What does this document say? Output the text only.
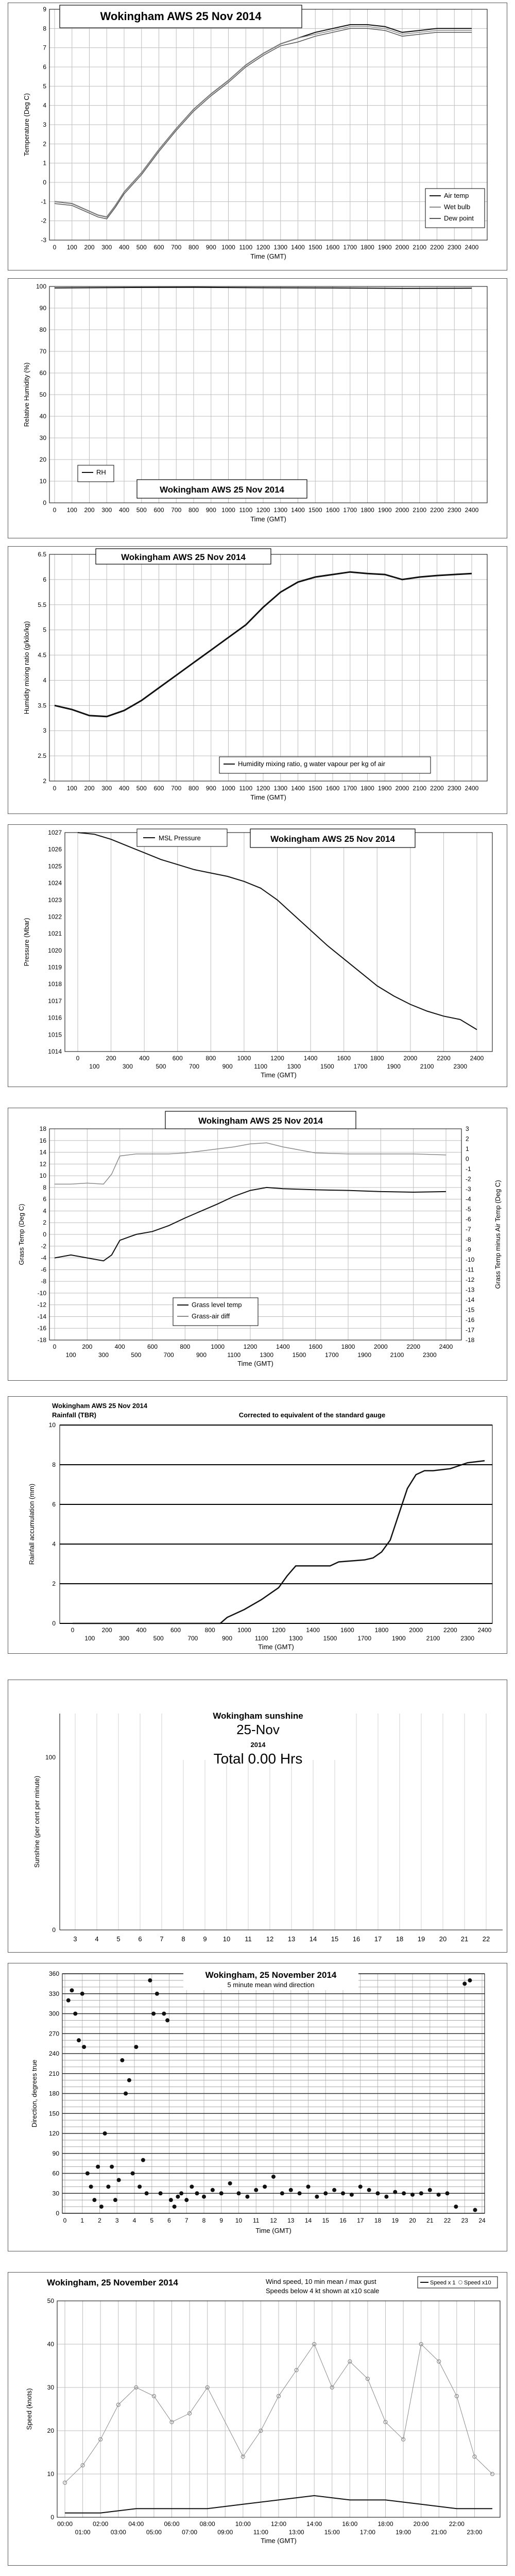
0 100 200 300 400 500 600 700 800 900 1000 1100 1200 1300 1400 1500 1600 1700 1800 1900 2000 2100 2200 2300 2400
-3
-2
-1
0
1
2
3
4
5
6
7
8
9
Wokingham AWS 25 Nov 2014
Temperature (Deg C)
Time (GMT)
Air temp
Wet bulb
Dew point
0 100 200 300 400 500 600 700 800 900 1000 1100 1200 1300 1400 1500 1600 1700 1800 1900 2000 2100 2200 2300 2400
0
10
20
30
40
50
60
70
80
90
100
RH
Wokingham AWS 25 Nov 2014
Relative Humidity (%)
Time (GMT)
0 100 200 300 400 500 600 700 800 900 1000 1100 1200 1300 1400 1500 1600 1700 1800 1900 2000 2100 2200 2300 2400
2
2.5
3
3.5
4
4.5
5
5.5
6
6.5	Wokingham AWS 25 Nov 2014
Humidity mixing ratio, g water vapour per kg of air
Humidity mixing ratio (g/kilo/kg)
Time (GMT)
0	200	400	600	800	1000	1200	1400	1600	1800	2000	2200	2400
100	300	500	700	900	1100	1300	1500	1700	1900	2100	2300
1014
1015
1016
1017
1018
1019
1020
1021
1022
1023
1024
1025
1026
1027
MSL Pressure	Wokingham AWS 25 Nov 2014
Pressure (Mbar)
Time (GMT)
0	200	400	600	800	1000	1200	1400	1600	1800	2000	2200	2400
100	300	500	700	900	1100	1300	1500	1700	1900	2100	2300
-18
-16
-14
-12
-10
-8
-6
-4
-2
0
2
4
6
8
10
12
14
16
18
-18
-17
-16
-15
-14
-13
-12
-11
-10
-9
-8
-7
-6
-5
-4
-3
-2
-1
0
1
2
3
Wokingham AWS 25 Nov 2014
Grass level temp
Grass-air diff
Grass Temp (Deg C)	Grass Temp minus Air Temp (Deg C)
Time (GMT)
0	200	400	600	800	1000	1200	1400	1600	1800	2000	2200	2400
100	300	500	700	900	1100	1300	1500	1700	1900	2100	2300
0
2
4
6
8
10
Wokingham AWS 25 Nov 2014
Rainfall (TBR)	Corrected to equivalent of the standard gauge
Rainfall accumulation (mm)
Time (GMT)
3	4	5	6	7	8	9 10 11 12 13 14 15 16 17 18 19 20 21 22
0
100
Wokingham sunshine
25-Nov
2014
Total 0.00 Hrs
Sunshine (per cent per minute)
0 1 2 3 4 5 6 7 8 9 10 11 12 13 14 15 16 17 18 19 20 21 22 23 24
0
30
60
90
120
150
180
210
240
270
300
330
360	Wokingham, 25 November 2014
5 minute mean wind direction
Direction, degrees true
Time (GMT)
00:00	02:00	04:00	06:00	08:00	10:00	12:00	14:00	16:00	18:00	20:00	22:00
01:00	03:00	05:00	07:00	09:00	11:00	13:00	15:00	17:00	19:00	21:00	23:00
0
10
20
30
40
50
Wokingham, 25 November 2014	Wind speed, 10 min mean / max gust
Speeds below 4 kt shown at x10 scale
Speed x 1 Speed x10
Speed (knots)
Time (GMT)
